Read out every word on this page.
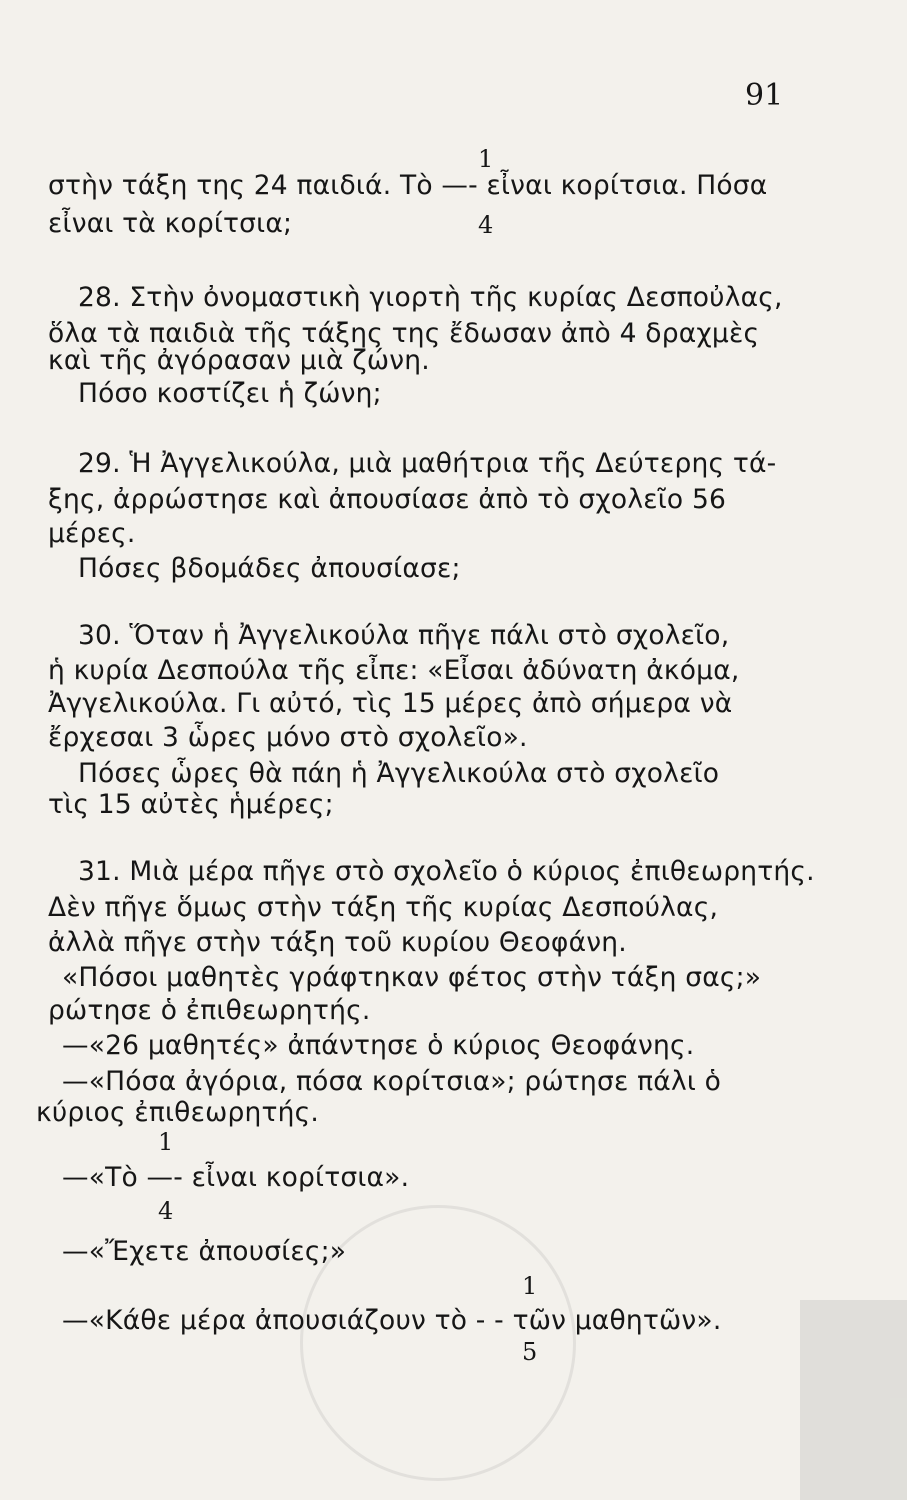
91
1
στὴν τάξη της 24 παιδιά. Τὸ —- εἶναι κορίτσια. Πόσα
εἶναι τὰ κορίτσια;	4
28. Στὴν ὀνομαστικὴ γιορτὴ τῆς κυρίας Δεσποὐλας,
ὅλα τὰ παιδιὰ τῆς τάξης της ἔδωσαν ἀπὸ 4 δραχμὲς
καὶ τῆς ἀγόρασαν μιὰ ζώνη.
Πόσο κοστίζει ἡ ζώνη;
29. Ἡ Ἀγγελικούλα, μιὰ μαθήτρια τῆς Δεύτερης τά-
ξης, ἀρρώστησε καὶ ἀπουσίασε ἀπὸ τὸ σχολεῖο 56
μέρες.
Πόσες βδομάδες ἀπουσίασε;
30. Ὅταν ἡ Ἀγγελικούλα πῆγε πάλι στὸ σχολεῖο,
ἡ κυρία Δεσπούλα τῆς εἶπε: «Εἶσαι ἀδύνατη ἀκόμα,
Ἀγγελικούλα. Γι αὐτό, τὶς 15 μέρες ἀπὸ σήμερα νὰ
ἔρχεσαι 3 ὧρες μόνο στὸ σχολεῖο».
Πόσες ὧρες θὰ πάη ἡ Ἀγγελικούλα στὸ σχολεῖο
τὶς 15 αὐτὲς ἡμέρες;
31. Μιὰ μέρα πῆγε στὸ σχολεῖο ὁ κύριος ἐπιθεωρητής.
Δὲν πῆγε ὅμως στὴν τάξη τῆς κυρίας Δεσπούλας,
ἀλλὰ πῆγε στὴν τάξη τοῦ κυρίου Θεοφάνη.
«Πόσοι μαθητὲς γράφτηκαν φέτος στὴν τάξη σας;»
ρώτησε ὁ ἐπιθεωρητής.
—«26 μαθητές» ἀπάντησε ὁ κύριος Θεοφάνης.
—«Πόσα ἀγόρια, πόσα κορίτσια»; ρώτησε πάλι ὁ
κύριος ἐπιθεωρητής.
1
—«Τὸ —- εἶναι κορίτσια».
4
—«Ἔχετε ἀπουσίες;»
1
—«Κάθε μέρα ἀπουσιάζουν τὸ - - τῶν μαθητῶν».
5
